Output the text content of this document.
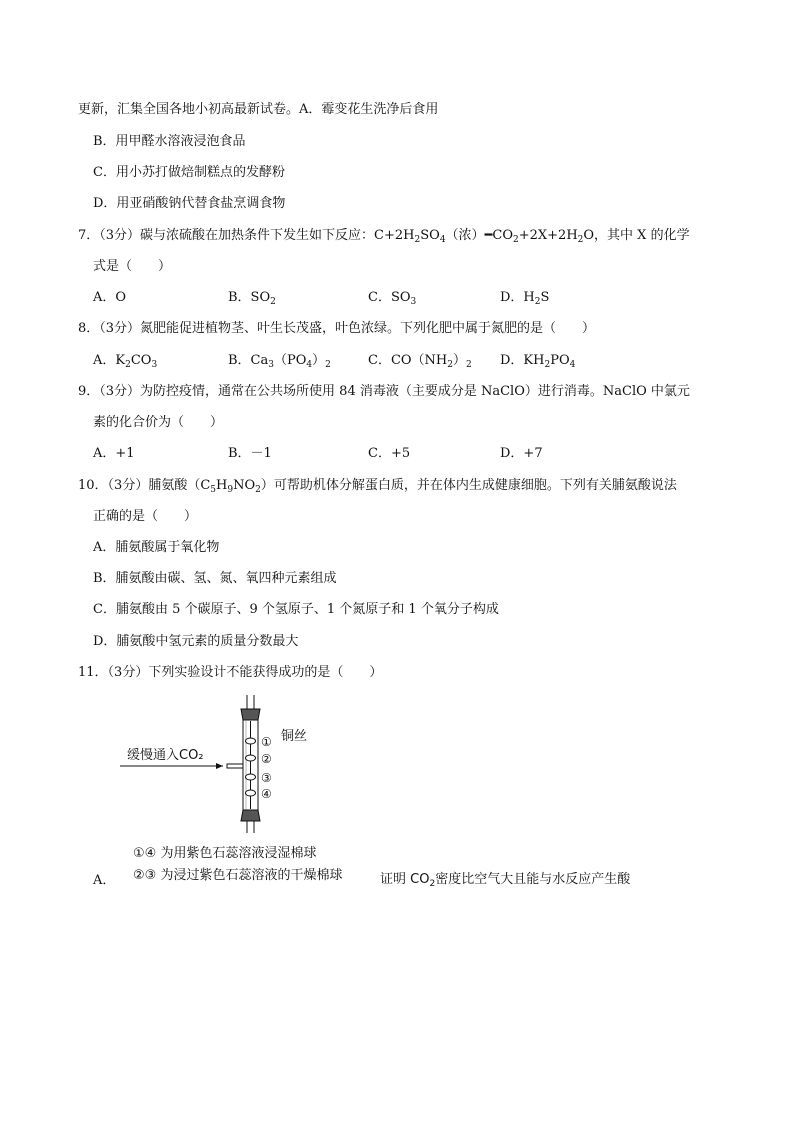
更新，汇集全国各地小初高最新试卷。A．霉变花生洗净后食用
B．用甲醛水溶液浸泡食品
C．用小苏打做焙制糕点的发酵粉
D．用亚硝酸钠代替食盐烹调食物
7．（3分）碳与浓硫酸在加热条件下发生如下反应：$C+2H_2SO_4$（浓）$━CO_2+2X+2H_2O$，其中 X 的化学
式是（　　）
A．O	B．$SO_2$	C．$SO_3$	D．$H_2S$
8．（3分）氮肥能促进植物茎、叶生长茂盛，叶色浓绿。下列化肥中属于氮肥的是（　　）
A．$K_2CO_3$	B．$Ca_3(PO_4)_2$	C．$CO(NH_2)_2$ D．$KH_2PO_4$
9．（3分）为防控疫情，通常在公共场所使用 84 消毒液（主要成分是 NaClO）进行消毒。NaClO 中氯元
素的化合价为（　　）
A．+1	B．－1	C．+5	D．+7
10．（3分）脯氨酸$(C_5H_9NO_2)$可帮助机体分解蛋白质，并在体内生成健康细胞。下列有关脯氨酸说法
正确的是（　　）
A．脯氨酸属于氧化物
B．脯氨酸由碳、氢、氮、氧四种元素组成
C．脯氨酸由 5 个碳原子、9 个氢原子、1 个氮原子和 1 个氧分子构成
D．脯氨酸中氢元素的质量分数最大
11．（3分）下列实验设计不能获得成功的是（　　）
缓慢通入CO₂
①
②
③
④
铜丝
①④ 为用紫色石蕊溶液浸湿棉球
②③ 为浸过紫色石蕊溶液的干燥棉球
A．	证明 $CO_2$密度比空气大且能与水反应产生酸
